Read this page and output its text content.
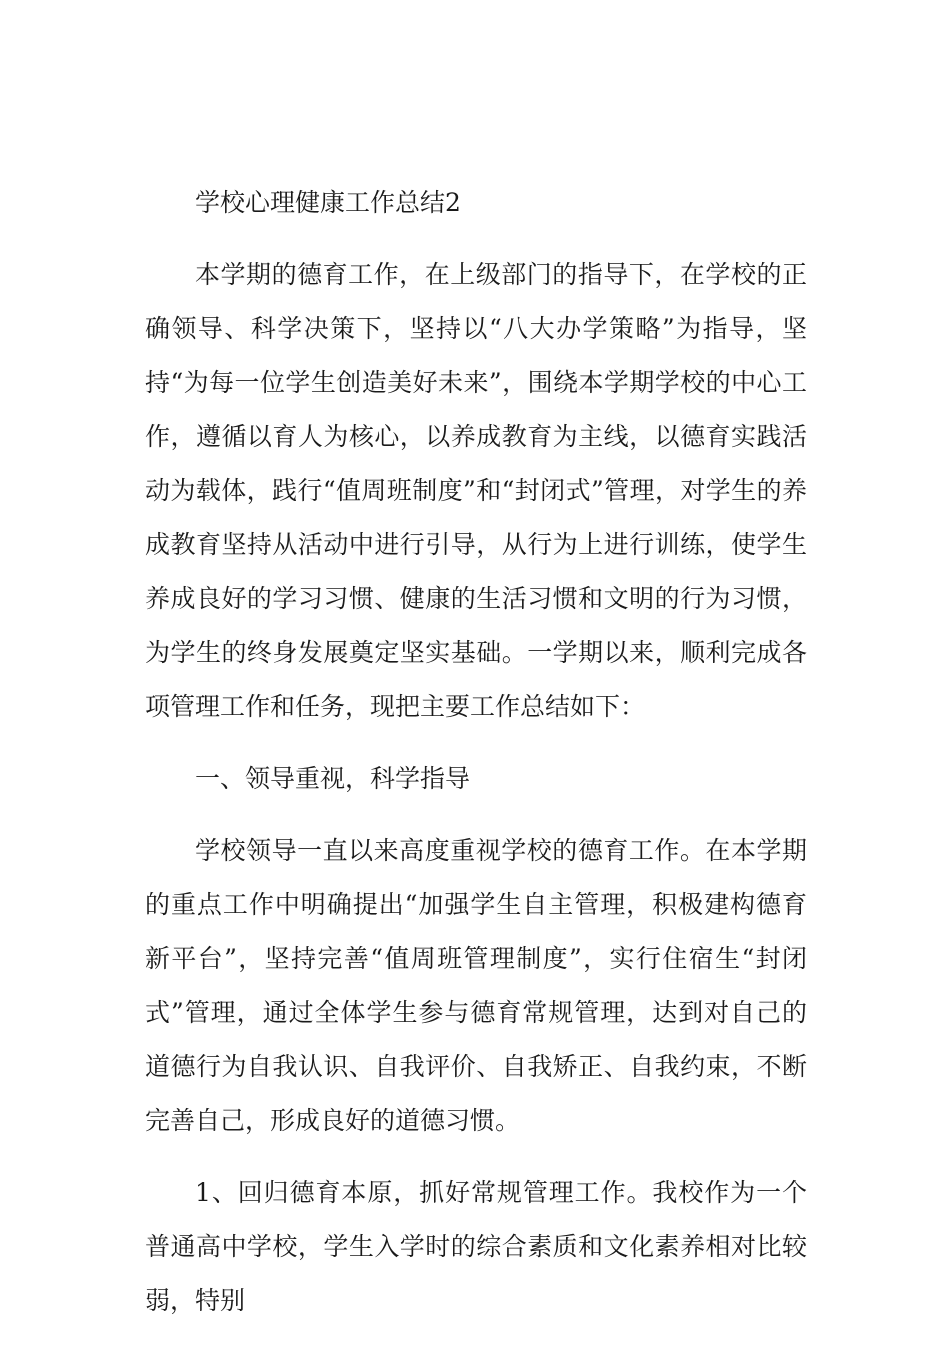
学校心理健康工作总结2

本学期的德育工作，在上级部门的指导下，在学校的正确领导、科学决策下，坚持以“八大办学策略”为指导，坚持“为每一位学生创造美好未来”，围绕本学期学校的中心工作，遵循以育人为核心，以养成教育为主线，以德育实践活动为载体，践行“值周班制度”和“封闭式”管理，对学生的养成教育坚持从活动中进行引导，从行为上进行训练，使学生养成良好的学习习惯、健康的生活习惯和文明的行为习惯，为学生的终身发展奠定坚实基础。一学期以来，顺利完成各项管理工作和任务，现把主要工作总结如下：

一、领导重视，科学指导

学校领导一直以来高度重视学校的德育工作。在本学期的重点工作中明确提出“加强学生自主管理，积极建构德育新平台”，坚持完善“值周班管理制度”，实行住宿生“封闭式”管理，通过全体学生参与德育常规管理，达到对自己的道德行为自我认识、自我评价、自我矫正、自我约束，不断完善自己，形成良好的道德习惯。

1、回归德育本原，抓好常规管理工作。我校作为一个普通高中学校，学生入学时的综合素质和文化素养相对比较弱，特别
